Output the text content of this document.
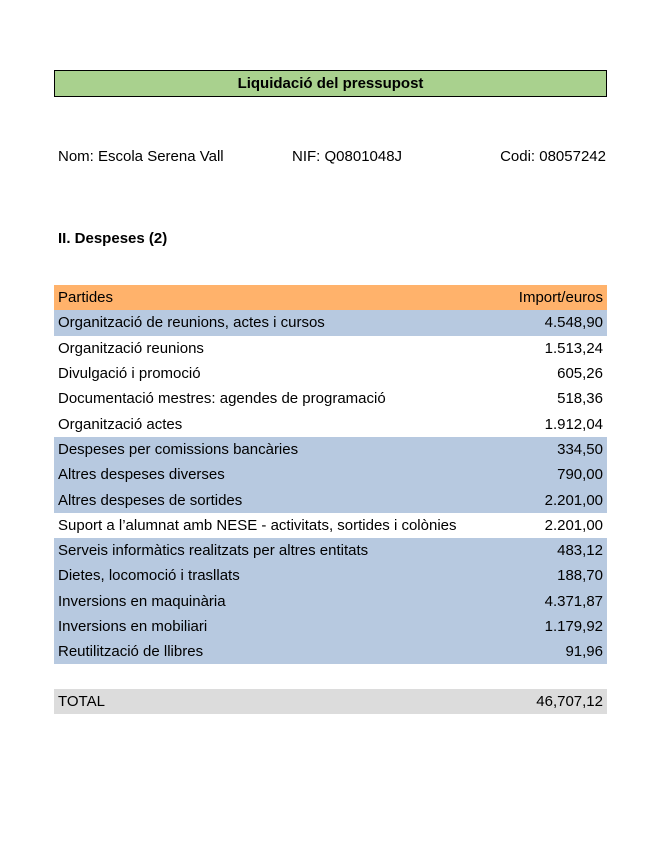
Liquidació del pressupost
Nom: Escola Serena Vall	NIF: Q0801048J	Codi: 08057242
II. Despeses (2)
Partides	Import/euros
Organització de reunions, actes i cursos	4.548,90
Organització reunions	1.513,24
Divulgació i promoció	605,26
Documentació mestres: agendes de programació	518,36
Organització actes	1.912,04
Despeses per comissions bancàries	334,50
Altres despeses diverses	790,00
Altres despeses de sortides	2.201,00
Suport a l’alumnat amb NESE - activitats, sortides i colònies	2.201,00
Serveis informàtics realitzats per altres entitats	483,12
Dietes, locomoció i trasllats	188,70
Inversions en maquinària	4.371,87
Inversions en mobiliari	1.179,92
Reutilització de llibres	91,96
TOTAL	46,707,12
